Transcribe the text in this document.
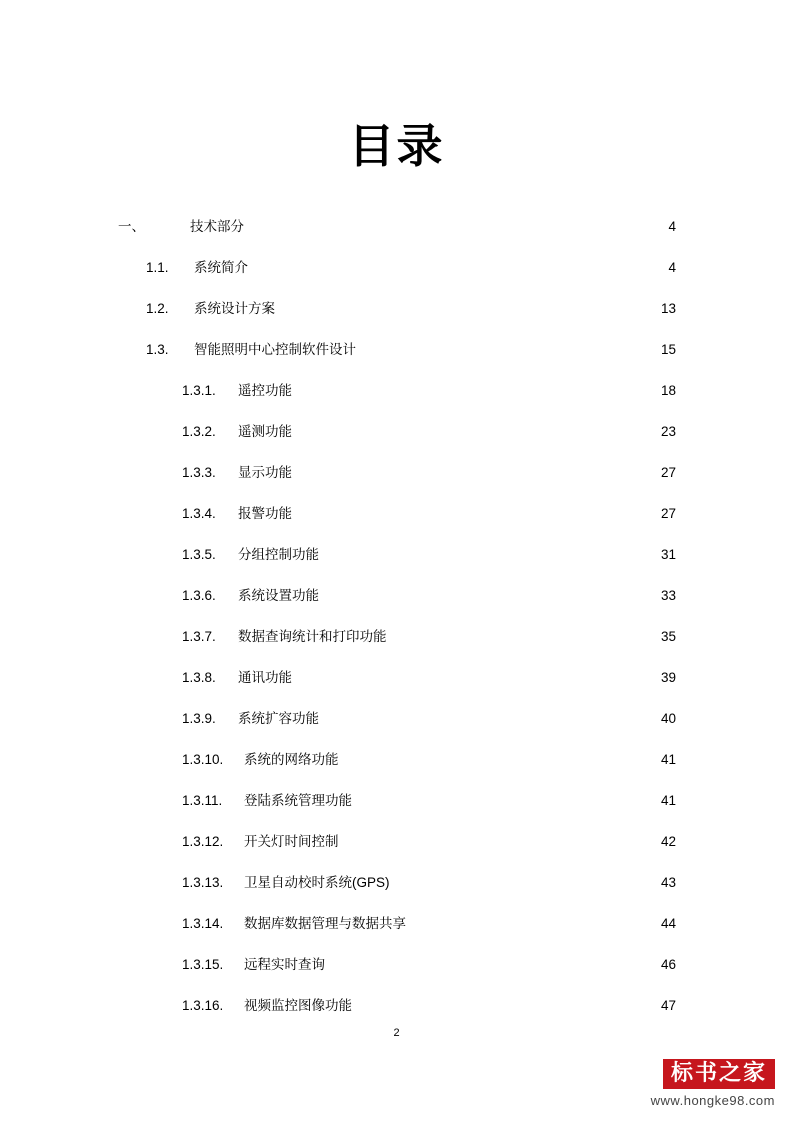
目录
一、	技术部分 .....	4
1.1.	系统简介 .....	4
1.2.	系统设计方案 .....	13
1.3.	智能照明中心控制软件设计 .....	15
1.3.1.	遥控功能 .....	18
1.3.2.	遥测功能 .....	23
1.3.3.	显示功能 .....	27
1.3.4.	报警功能 .....	27
1.3.5.	分组控制功能 .....	31
1.3.6.	系统设置功能 .....	33
1.3.7.	数据查询统计和打印功能 .....	35
1.3.8.	通讯功能 .....	39
1.3.9.	系统扩容功能 .....	40
1.3.10.	系统的网络功能 .....	41
1.3.11.	登陆系统管理功能 .....	41
1.3.12.	开关灯时间控制 .....	42
1.3.13.	卫星自动校时系统(GPS) .....	43
1.3.14.	数据库数据管理与数据共享 .....	44
1.3.15.	远程实时查询 .....	46
1.3.16.	视频监控图像功能 .....	47
2
标书之家
www.hongke98.com
